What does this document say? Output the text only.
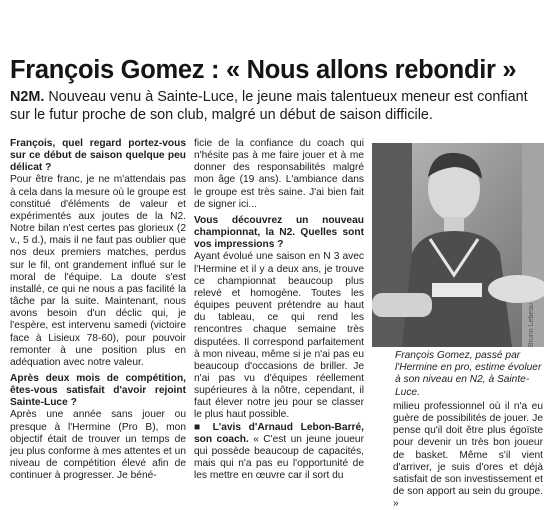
François Gomez : « Nous allons rebondir »
N2M. Nouveau venu à Sainte-Luce, le jeune mais talentueux meneur est confiant sur le futur proche de son club, malgré un début de saison difficile.

François, quel regard portez-vous sur ce début de saison quelque peu délicat ?

Pour être franc, je ne m'attendais pas à cela dans la mesure où le groupe est constitué d'éléments de valeur et expérimentés aux joutes de la N2. Notre bilan n'est certes pas glorieux (2 v., 5 d.), mais il ne faut pas oublier que nos deux premiers matches, perdus sur le fil, ont grandement influé sur le moral de l'équipe. La doute s'est installé, ce qui ne nous a pas facilité la tâche par la suite. Maintenant, nous avons besoin d'un déclic qui, je l'espère, est intervenu samedi (victoire face à Lisieux 78-60), pour pouvoir remonter à une position plus en adéquation avec notre valeur.

Après deux mois de compétition, êtes-vous satisfait d'avoir rejoint Sainte-Luce ?

Après une année sans jouer ou presque à l'Hermine (Pro B), mon objectif était de trouver un temps de jeu plus conforme à mes attentes et un niveau de compétition élevé afin de continuer à progresser. Je béné-

ficie de la confiance du coach qui n'hésite pas à me faire jouer et à me donner des responsabilités malgré mon âge (19 ans). L'ambiance dans le groupe est très saine. J'ai bien fait de signer ici...

Vous découvrez un nouveau championnat, la N2. Quelles sont vos impressions ?

Ayant évolué une saison en N 3 avec l'Hermine et il y a deux ans, je trouve ce championnat beaucoup plus relevé et homogène. Toutes les équipes peuvent prétendre au haut du tableau, ce qui rend les rencontres chaque semaine très disputées. Il correspond parfaitement à mon niveau, même si je n'ai pas eu beaucoup d'occasions de briller. Je n'ai pas vu d'équipes réellement supérieures à la nôtre, cependant, il faut élever notre jeu pour se classer le plus haut possible.

■ L'avis d'Arnaud Lebon-Barré, son coach. « C'est un jeune joueur qui possède beaucoup de capacités, mais qui n'a pas eu l'opportunité de les mettre en œuvre car il sort du

Bruno Lebeau
François Gomez, passé par l'Hermine en pro, estime évoluer à son niveau en N2, à Sainte-Luce.

milieu professionnel où il n'a eu guère de possibilités de jouer. Je pense qu'il doit être plus égoïste pour devenir un très bon joueur de basket. Même s'il vient d'arriver, je suis d'ores et déjà satisfait de son investissement et de son apport au sein du groupe. »
